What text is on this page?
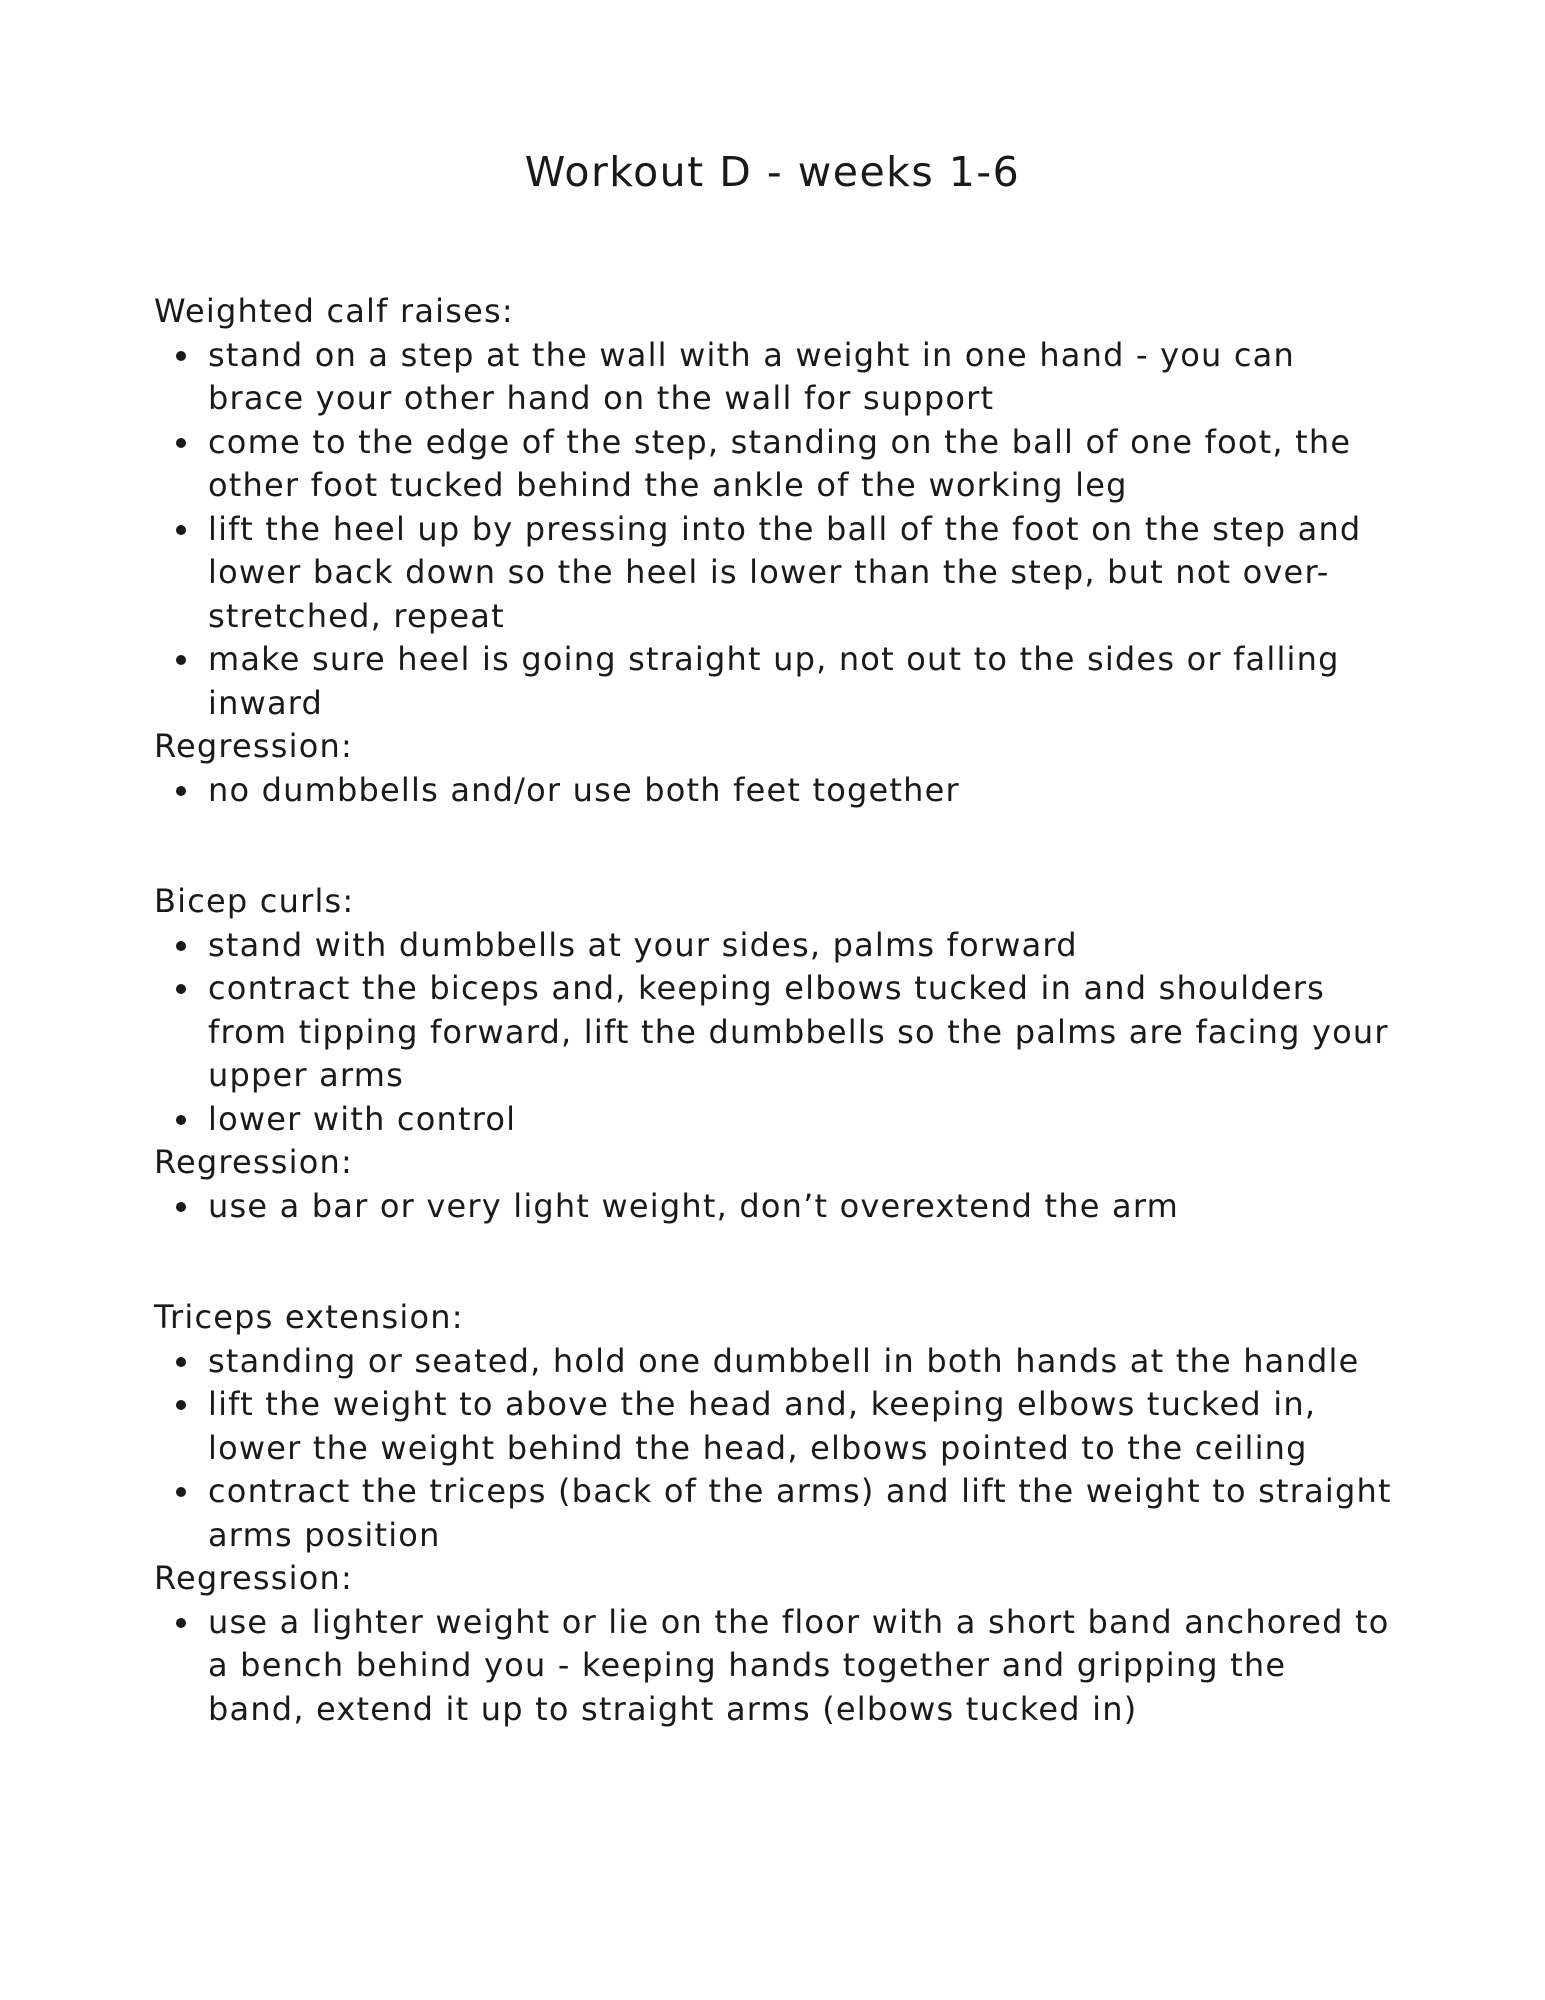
Workout D - weeks 1-6

Weighted calf raises:

stand on a step at the wall with a weight in one hand - you can brace your other hand on the wall for support
come to the edge of the step, standing on the ball of one foot, the other foot tucked behind the ankle of the working leg
lift the heel up by pressing into the ball of the foot on the step and lower back down so the heel is lower than the step, but not over-stretched, repeat
make sure heel is going straight up, not out to the sides or falling inward

Regression:

no dumbbells and/or use both feet together

Bicep curls:

stand with dumbbells at your sides, palms forward
contract the biceps and, keeping elbows tucked in and shoulders from tipping forward, lift the dumbbells so the palms are facing your upper arms
lower with control

Regression:

use a bar or very light weight, don’t overextend the arm

Triceps extension:

standing or seated, hold one dumbbell in both hands at the handle
lift the weight to above the head and, keeping elbows tucked in, lower the weight behind the head, elbows pointed to the ceiling
contract the triceps (back of the arms) and lift the weight to straight arms position

Regression:

use a lighter weight or lie on the floor with a short band anchored to a bench behind you - keeping hands together and gripping the band, extend it up to straight arms (elbows tucked in)
